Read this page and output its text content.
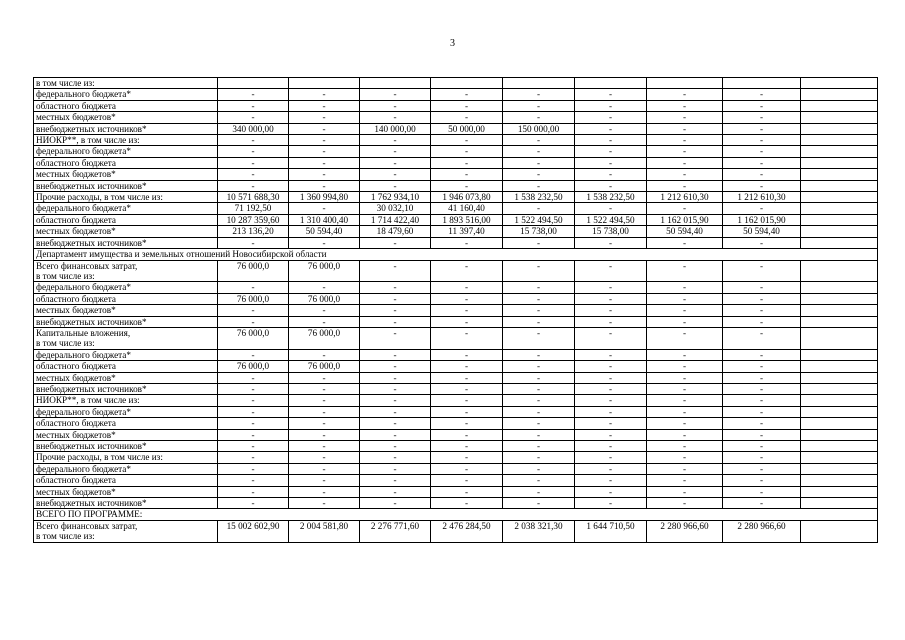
3
в том числе из:									

федерального бюджета*	-	-	-	-	-	-	-	-	

областного бюджета	-	-	-	-	-	-	-	-	

местных бюджетов*	-	-	-	-	-	-	-	-	

внебюджетных источников*	340 000,00	-	140 000,00	50 000,00	150 000,00	-	-	-	

НИОКР**, в том числе из:	-	-	-	-	-	-	-	-	

федерального бюджета*	-	-	-	-	-	-	-	-	

областного бюджета	-	-	-	-	-	-	-	-	

местных бюджетов*	-	-	-	-	-	-	-	-	

внебюджетных источников*	-	-	-	-	-	-	-	-	

Прочие расходы, в том числе из:	10 571 688,30	1 360 994,80	1 762 934,10	1 946 073,80	1 538 232,50	1 538 232,50	1 212 610,30	1 212 610,30	

федерального бюджета*	71 192,50	-	30 032,10	41 160,40	-	-	-	-	

областного бюджета	10 287 359,60	1 310 400,40	1 714 422,40	1 893 516,00	1 522 494,50	1 522 494,50	1 162 015,90	1 162 015,90	

местных бюджетов*	213 136,20	50 594,40	18 479,60	11 397,40	15 738,00	15 738,00	50 594,40	50 594,40	

внебюджетных источников*	-	-	-	-	-	-	-	-	
Департамент имущества и земельных отношений Новосибирской области									

Всего финансовых затрат,
в том числе из:	76 000,0	76 000,0	-	-	-	-	-	-	

федерального бюджета*	-	-	-	-	-	-	-	-	

областного бюджета	76 000,0	76 000,0	-	-	-	-	-	-	

местных бюджетов*	-	-	-	-	-	-	-	-	

внебюджетных источников*	-	-	-	-	-	-	-	-	

Капитальные вложения,
в том числе из:	76 000,0	76 000,0	-	-	-	-	-	-	

федерального бюджета*	-	-	-	-	-	-	-	-	

областного бюджета	76 000,0	76 000,0	-	-	-	-	-	-	

местных бюджетов*	-	-	-	-	-	-	-	-	

внебюджетных источников*	-	-	-	-	-	-	-	-	

НИОКР**, в том числе из:	-	-	-	-	-	-	-	-	

федерального бюджета*	-	-	-	-	-	-	-	-	

областного бюджета	-	-	-	-	-	-	-	-	

местных бюджетов*	-	-	-	-	-	-	-	-	

внебюджетных источников*	-	-	-	-	-	-	-	-	

Прочие расходы, в том числе из:	-	-	-	-	-	-	-	-	

федерального бюджета*	-	-	-	-	-	-	-	-	

областного бюджета	-	-	-	-	-	-	-	-	

местных бюджетов*	-	-	-	-	-	-	-	-	

внебюджетных источников*	-	-	-	-	-	-	-	-	
ВСЕГО ПО ПРОГРАММЕ:									

Всего финансовых затрат,
в том числе из:	15 002 602,90	2 004 581,80	2 276 771,60	2 476 284,50	2 038 321,30	1 644 710,50	2 280 966,60	2 280 966,60	
